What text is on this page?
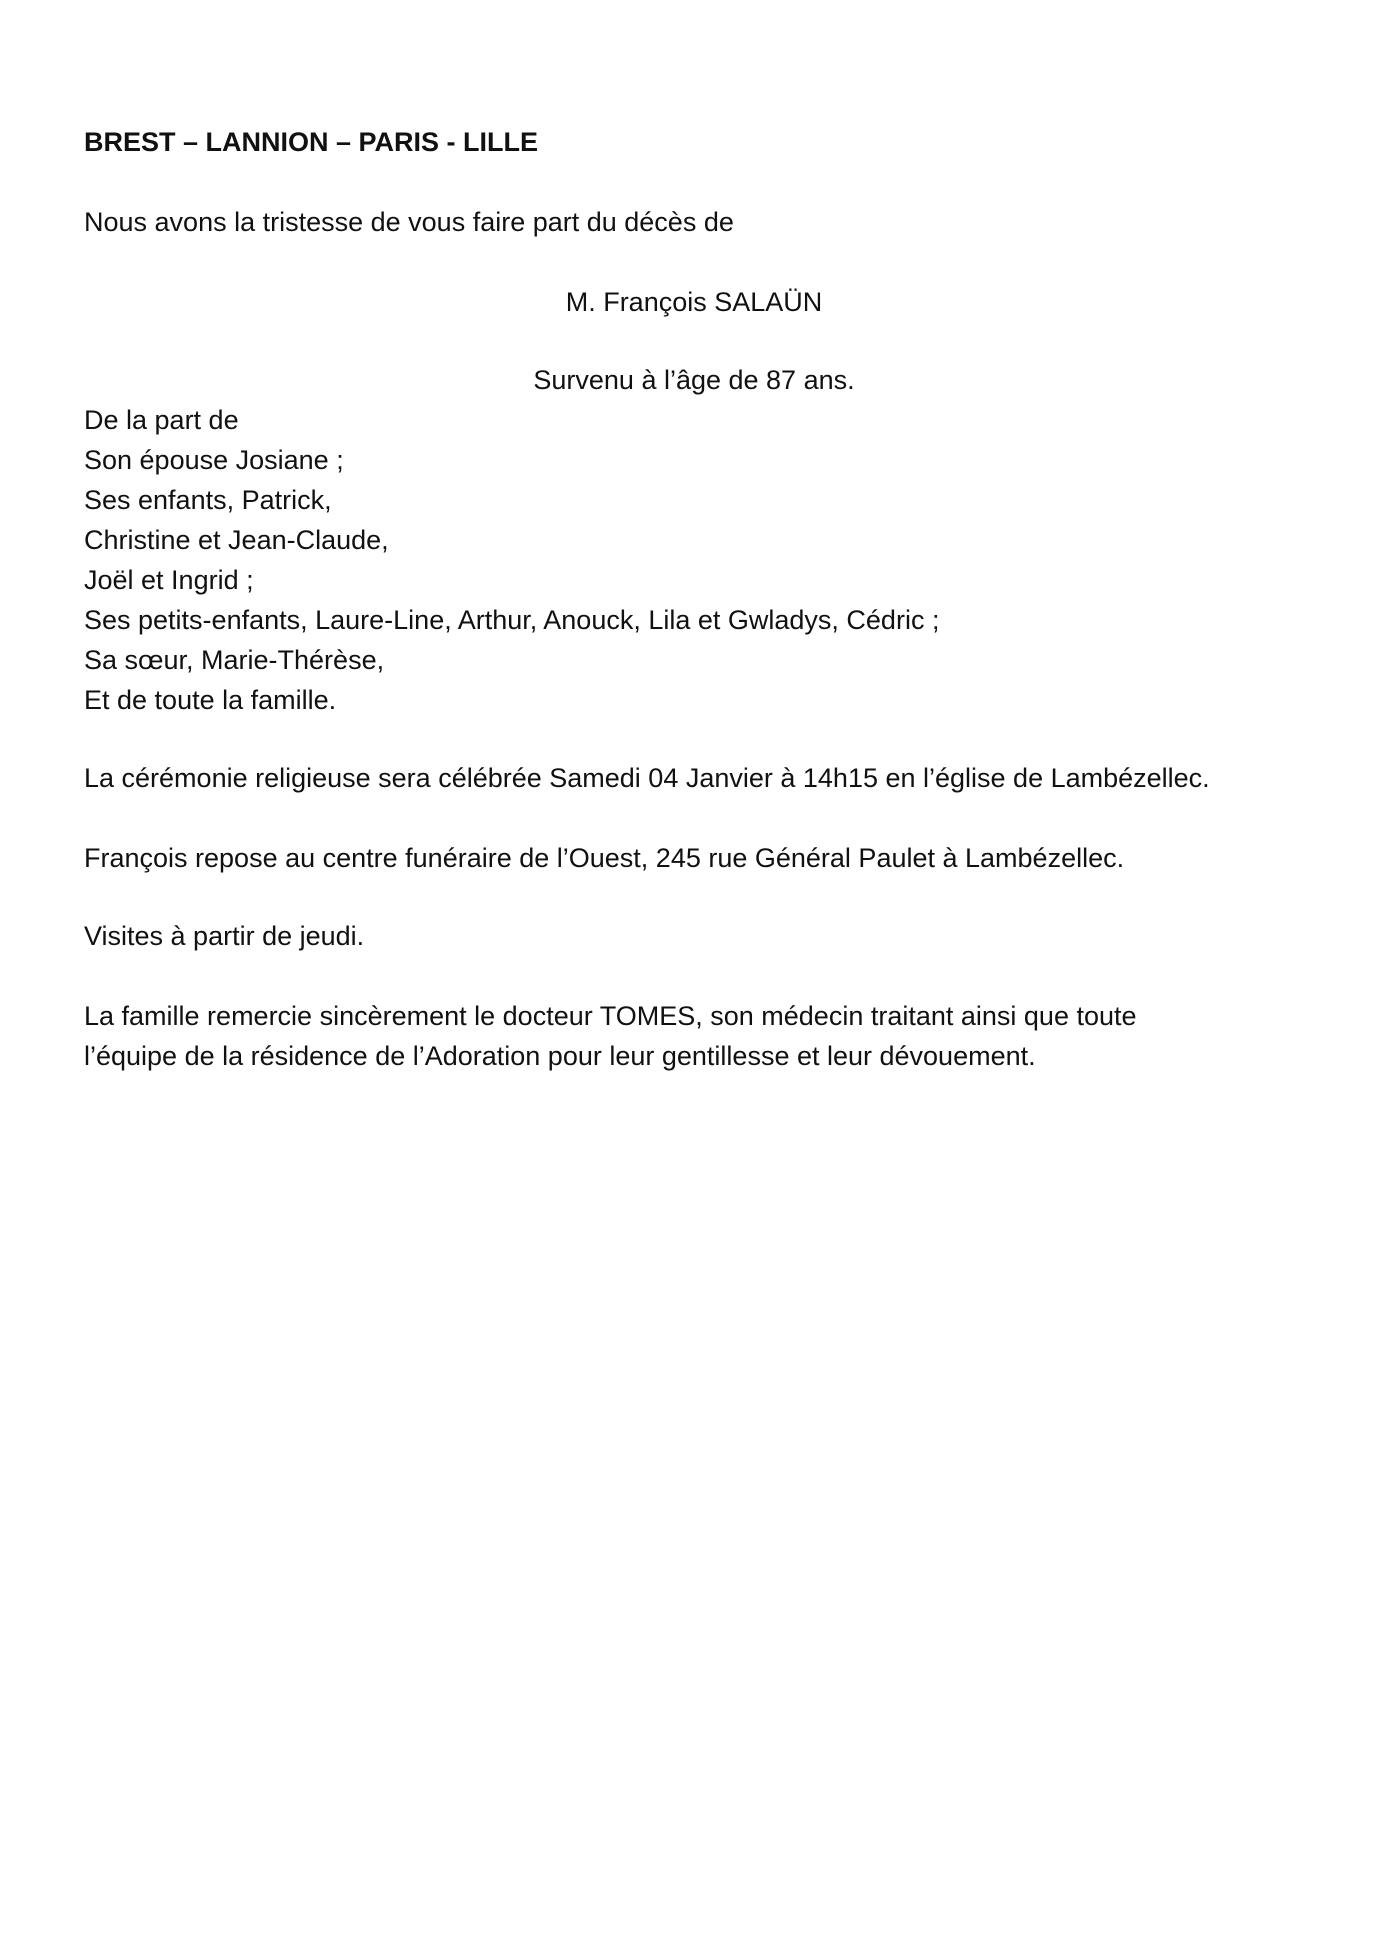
BREST – LANNION – PARIS - LILLE
Nous avons la tristesse de vous faire part du décès de
M. François SALAÜN
Survenu à l’âge de 87 ans.
De la part de
Son épouse Josiane ;
Ses enfants, Patrick,
Christine et Jean-Claude,
Joël et Ingrid ;
Ses petits-enfants, Laure-Line, Arthur, Anouck, Lila et Gwladys, Cédric ;
Sa sœur, Marie-Thérèse,
Et de toute la famille.
La cérémonie religieuse sera célébrée Samedi 04 Janvier à 14h15 en l’église de Lambézellec.
François repose au centre funéraire de l’Ouest, 245 rue Général Paulet à Lambézellec.
Visites à partir de jeudi.
La famille remercie sincèrement le docteur TOMES, son médecin traitant ainsi que toute
l’équipe de la résidence de l’Adoration pour leur gentillesse et leur dévouement.
